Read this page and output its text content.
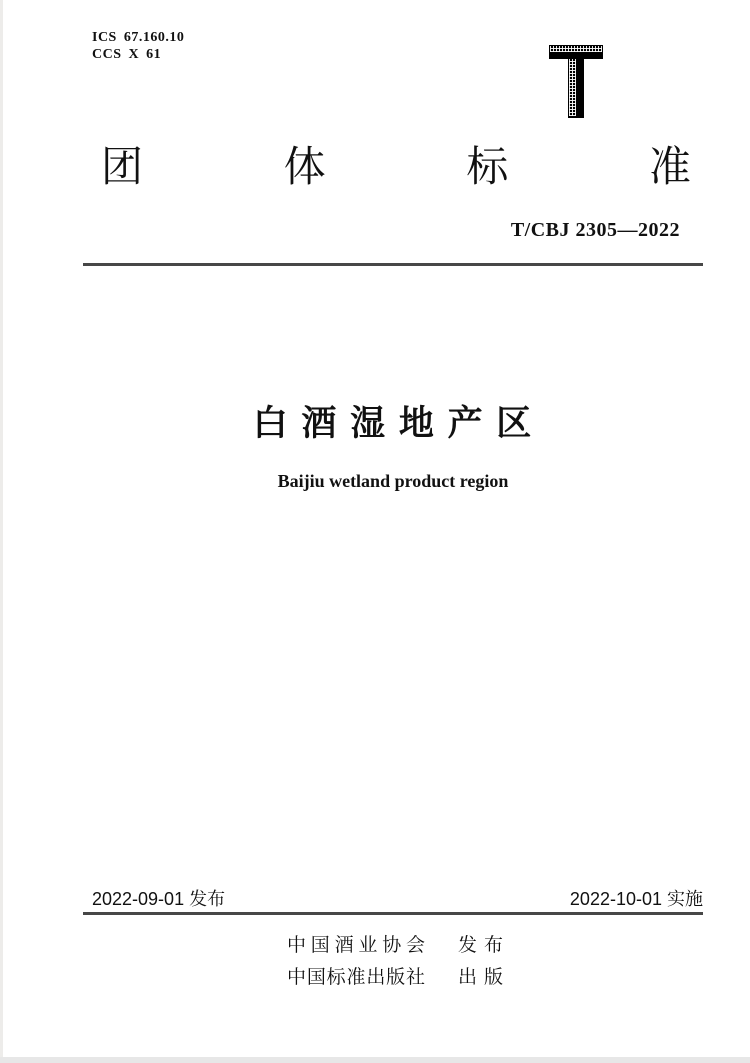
ICS 67.160.10
CCS X 61
团	体	标	准
T/CBJ 2305—2022
白 酒 湿 地 产 区
Baijiu wetland product region
2022-09-01 发布	2022-10-01 实施
中 国 酒 业 协 会 发 布
中 国 标 准 出 版 社 出 版
